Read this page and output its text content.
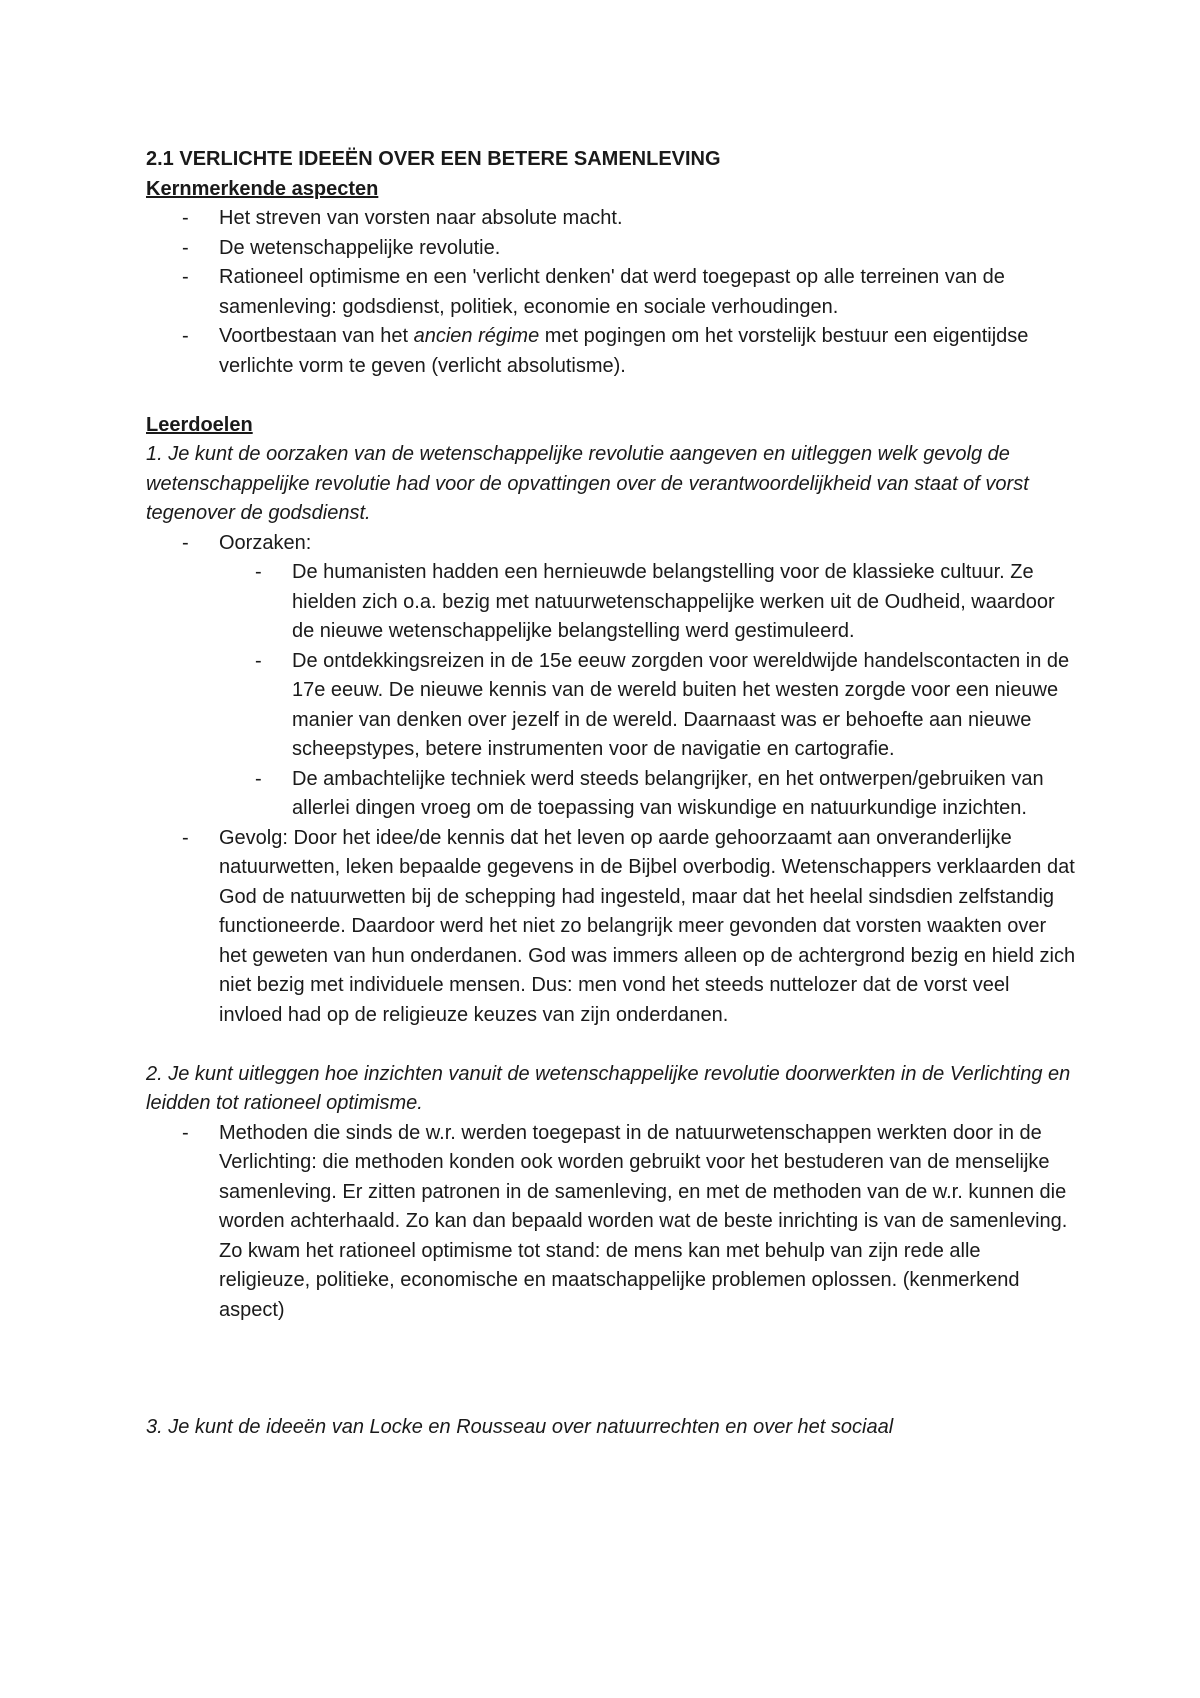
2.1 VERLICHTE IDEEËN OVER EEN BETERE SAMENLEVING

Kernmerkende aspecten

- Het streven van vorsten naar absolute macht.
- De wetenschappelijke revolutie.
- Rationeel optimisme en een 'verlicht denken' dat werd toegepast op alle terreinen van de samenleving: godsdienst, politiek, economie en sociale verhoudingen.
- Voortbestaan van het ancien régime met pogingen om het vorstelijk bestuur een eigentijdse verlichte vorm te geven (verlicht absolutisme).

Leerdoelen

1. Je kunt de oorzaken van de wetenschappelijke revolutie aangeven en uitleggen welk gevolg de wetenschappelijke revolutie had voor de opvattingen over de verantwoordelijkheid van staat of vorst tegenover de godsdienst.

- Oorzaken:
- De humanisten hadden een hernieuwde belangstelling voor de klassieke cultuur. Ze hielden zich o.a. bezig met natuurwetenschappelijke werken uit de Oudheid, waardoor de nieuwe wetenschappelijke belangstelling werd gestimuleerd.
- De ontdekkingsreizen in de 15e eeuw zorgden voor wereldwijde handelscontacten in de 17e eeuw. De nieuwe kennis van de wereld buiten het westen zorgde voor een nieuwe manier van denken over jezelf in de wereld. Daarnaast was er behoefte aan nieuwe scheepstypes, betere instrumenten voor de navigatie en cartografie.
- De ambachtelijke techniek werd steeds belangrijker, en het ontwerpen/gebruiken van allerlei dingen vroeg om de toepassing van wiskundige en natuurkundige inzichten.
- Gevolg: Door het idee/de kennis dat het leven op aarde gehoorzaamt aan onveranderlijke natuurwetten, leken bepaalde gegevens in de Bijbel overbodig. Wetenschappers verklaarden dat God de natuurwetten bij de schepping had ingesteld, maar dat het heelal sindsdien zelfstandig functioneerde. Daardoor werd het niet zo belangrijk meer gevonden dat vorsten waakten over het geweten van hun onderdanen. God was immers alleen op de achtergrond bezig en hield zich niet bezig met individuele mensen. Dus: men vond het steeds nuttelozer dat de vorst veel invloed had op de religieuze keuzes van zijn onderdanen.

2. Je kunt uitleggen hoe inzichten vanuit de wetenschappelijke revolutie doorwerkten in de Verlichting en leidden tot rationeel optimisme.

- Methoden die sinds de w.r. werden toegepast in de natuurwetenschappen werkten door in de Verlichting: die methoden konden ook worden gebruikt voor het bestuderen van de menselijke samenleving. Er zitten patronen in de samenleving, en met de methoden van de w.r. kunnen die worden achterhaald. Zo kan dan bepaald worden wat de beste inrichting is van de samenleving. Zo kwam het rationeel optimisme tot stand: de mens kan met behulp van zijn rede alle religieuze, politieke, economische en maatschappelijke problemen oplossen. (kenmerkend aspect)

3. Je kunt de ideeën van Locke en Rousseau over natuurrechten en over het sociaal
